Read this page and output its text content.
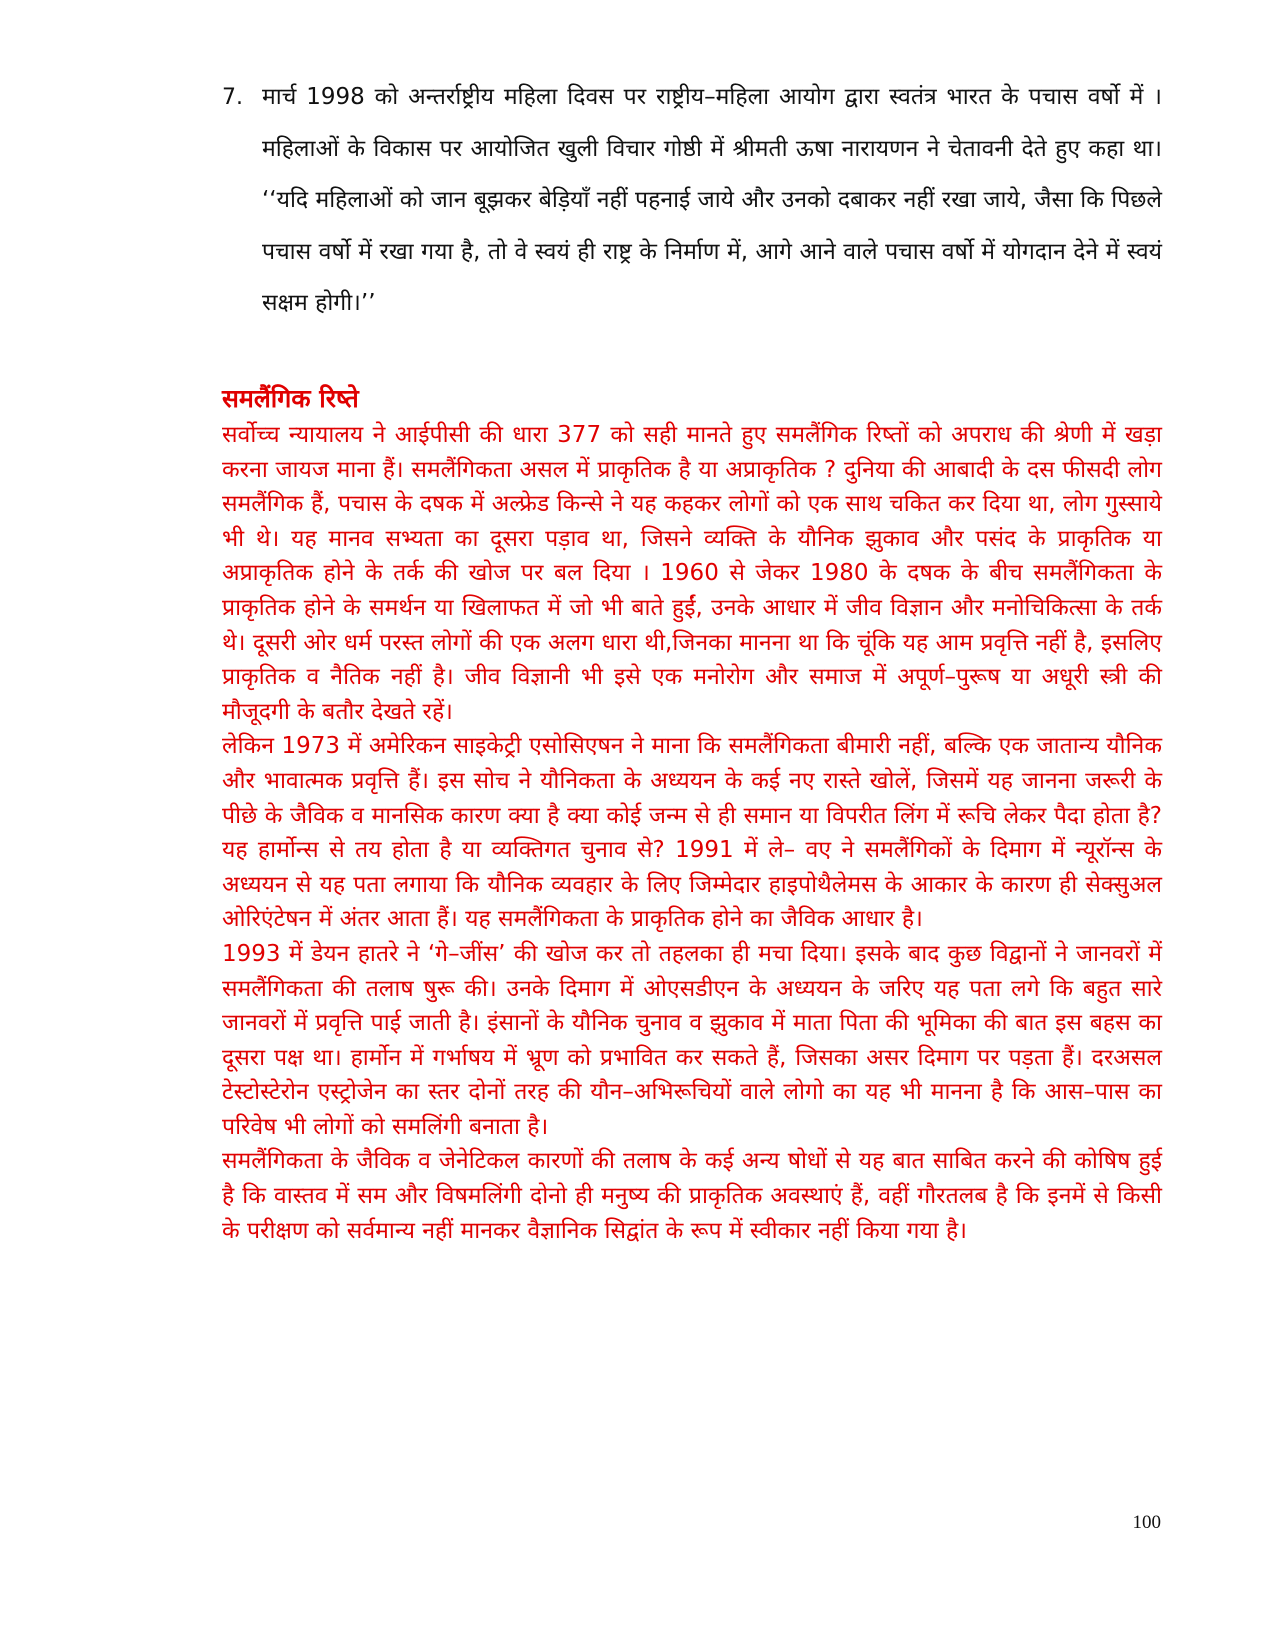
7. मार्च 1998 को अन्तर्राष्ट्रीय महिला दिवस पर राष्ट्रीय–महिला आयोग द्वारा स्वतंत्र भारत के पचास वर्षो में । महिलाओं के विकास पर आयोजित खुली विचार गोष्ठी में श्रीमती ऊषा नारायणन ने चेतावनी देते हुए कहा था। ‘‘यदि महिलाओं को जान बूझकर बेड़ियाँ नहीं पहनाई जाये और उनको दबाकर नहीं रखा जाये, जैसा कि पिछले पचास वर्षो में रखा गया है, तो वे स्वयं ही राष्ट्र के निर्माण में, आगे आने वाले पचास वर्षो में योगदान देने में स्वयं सक्षम होगी।’’

समलैंगिक रिष्ते

सर्वोच्च न्यायालय ने आईपीसी की धारा 377 को सही मानते हुए समलैंगिक रिष्तों को अपराध की श्रेणी में खड़ा करना जायज माना हैं। समलैंगिकता असल में प्राकृतिक है या अप्राकृतिक ? दुनिया की आबादी के दस फीसदी लोग समलैंगिक हैं, पचास के दषक में अल्फ्रेड किन्से ने यह कहकर लोगों को एक साथ चकित कर दिया था, लोग गुस्साये भी थे। यह मानव सभ्यता का दूसरा पड़ाव था, जिसने व्यक्ति के यौनिक झुकाव और पसंद के प्राकृतिक या अप्राकृतिक होने के तर्क की खोज पर बल दिया । 1960 से जेकर 1980 के दषक के बीच समलैंगिकता के प्राकृतिक होने के समर्थन या खिलाफत में जो भी बाते हुईं, उनके आधार में जीव विज्ञान और मनोचिकित्सा के तर्क थे। दूसरी ओर धर्म परस्त लोगों की एक अलग धारा थी,जिनका मानना था कि चूंकि यह आम प्रवृत्ति नहीं है, इसलिए प्राकृतिक व नैतिक नहीं है। जीव विज्ञानी भी इसे एक मनोरोग और समाज में अपूर्ण–पुरूष या अधूरी स्त्री की मौजूदगी के बतौर देखते रहें।

लेकिन 1973 में अमेरिकन साइकेट्री एसोसिएषन ने माना कि समलैंगिकता बीमारी नहीं, बल्कि एक जातान्य यौनिक और भावात्मक प्रवृत्ति हैं। इस सोच ने यौनिकता के अध्ययन के कई नए रास्ते खोलें, जिसमें यह जानना जरूरी के पीछे के जैविक व मानसिक कारण क्या है क्या कोई जन्म से ही समान या विपरीत लिंग में रूचि लेकर पैदा होता है? यह हार्मोन्स से तय होता है या व्यक्तिगत चुनाव से? 1991 में ले– वए ने समलैंगिकों के दिमाग में न्यूरॉन्स के अध्ययन से यह पता लगाया कि यौनिक व्यवहार के लिए जिम्मेदार हाइपोथैलेमस के आकार के कारण ही सेक्सुअल ओरिएंटेषन में अंतर आता हैं। यह समलैंगिकता के प्राकृतिक होने का जैविक आधार है।

1993 में डेयन हातरे ने ‘गे–जींस’ की खोज कर तो तहलका ही मचा दिया। इसके बाद कुछ विद्वानों ने जानवरों में समलैंगिकता की तलाष षुरू की। उनके दिमाग में ओएसडीएन के अध्ययन के जरिए यह पता लगे कि बहुत सारे जानवरों में प्रवृत्ति पाई जाती है। इंसानों के यौनिक चुनाव व झुकाव में माता पिता की भूमिका की बात इस बहस का दूसरा पक्ष था। हार्मोन में गर्भाषय में भ्रूण को प्रभावित कर सकते हैं, जिसका असर दिमाग पर पड़ता हैं। दरअसल टेस्टोस्टेरोन एस्ट्रोजेन का स्तर दोनों तरह की यौन–अभिरूचियों वाले लोगो का यह भी मानना है कि आस–पास का परिवेष भी लोगों को समलिंगी बनाता है।

समलैंगिकता के जैविक व जेनेटिकल कारणों की तलाष के कई अन्य षोधों से यह बात साबित करने की कोषिष हुई है कि वास्तव में सम और विषमलिंगी दोनो ही मनुष्य की प्राकृतिक अवस्थाएं हैं, वहीं गौरतलब है कि इनमें से किसी के परीक्षण को सर्वमान्य नहीं मानकर वैज्ञानिक सिद्वांत के रूप में स्वीकार नहीं किया गया है।

100
